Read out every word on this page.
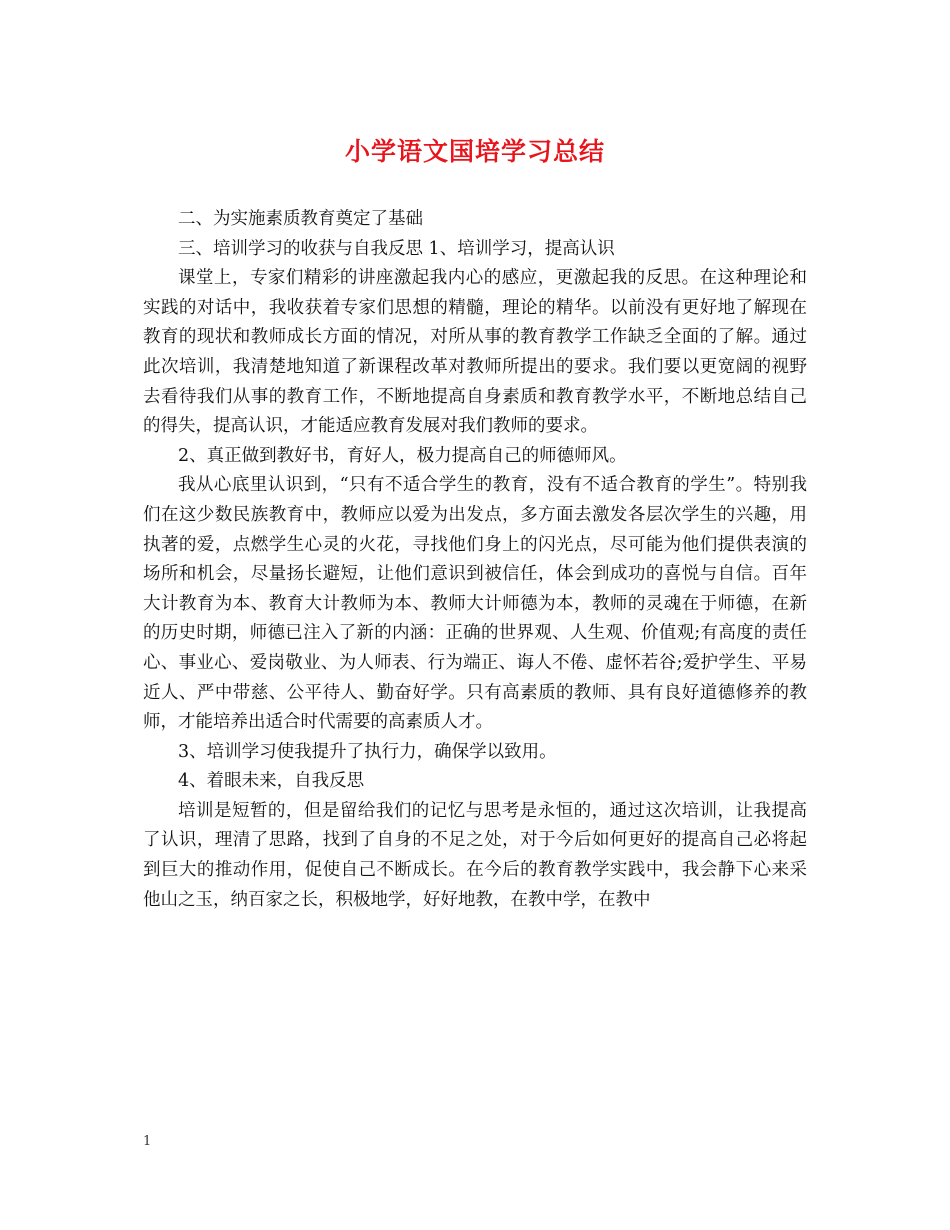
小学语文国培学习总结

二、为实施素质教育奠定了基础

三、培训学习的收获与自我反思 1、培训学习，提高认识

课堂上，专家们精彩的讲座激起我内心的感应，更激起我的反思。在这种理论和实践的对话中，我收获着专家们思想的精髓，理论的精华。以前没有更好地了解现在教育的现状和教师成长方面的情况，对所从事的教育教学工作缺乏全面的了解。通过此次培训，我清楚地知道了新课程改革对教师所提出的要求。我们要以更宽阔的视野去看待我们从事的教育工作，不断地提高自身素质和教育教学水平，不断地总结自己的得失，提高认识，才能适应教育发展对我们教师的要求。

2、真正做到教好书，育好人，极力提高自己的师德师风。

我从心底里认识到，“只有不适合学生的教育，没有不适合教育的学生”。特别我们在这少数民族教育中，教师应以爱为出发点，多方面去激发各层次学生的兴趣，用执著的爱，点燃学生心灵的火花，寻找他们身上的闪光点，尽可能为他们提供表演的场所和机会，尽量扬长避短，让他们意识到被信任，体会到成功的喜悦与自信。百年大计教育为本、教育大计教师为本、教师大计师德为本，教师的灵魂在于师德，在新的历史时期，师德已注入了新的内涵：正确的世界观、人生观、价值观;有高度的责任心、事业心、爱岗敬业、为人师表、行为端正、诲人不倦、虚怀若谷;爱护学生、平易近人、严中带慈、公平待人、勤奋好学。只有高素质的教师、具有良好道德修养的教师，才能培养出适合时代需要的高素质人才。

3、培训学习使我提升了执行力，确保学以致用。

4、着眼未来，自我反思

培训是短暂的，但是留给我们的记忆与思考是永恒的，通过这次培训，让我提高了认识，理清了思路，找到了自身的不足之处，对于今后如何更好的提高自己必将起到巨大的推动作用，促使自己不断成长。在今后的教育教学实践中，我会静下心来采他山之玉，纳百家之长，积极地学，好好地教，在教中学，在教中

1
